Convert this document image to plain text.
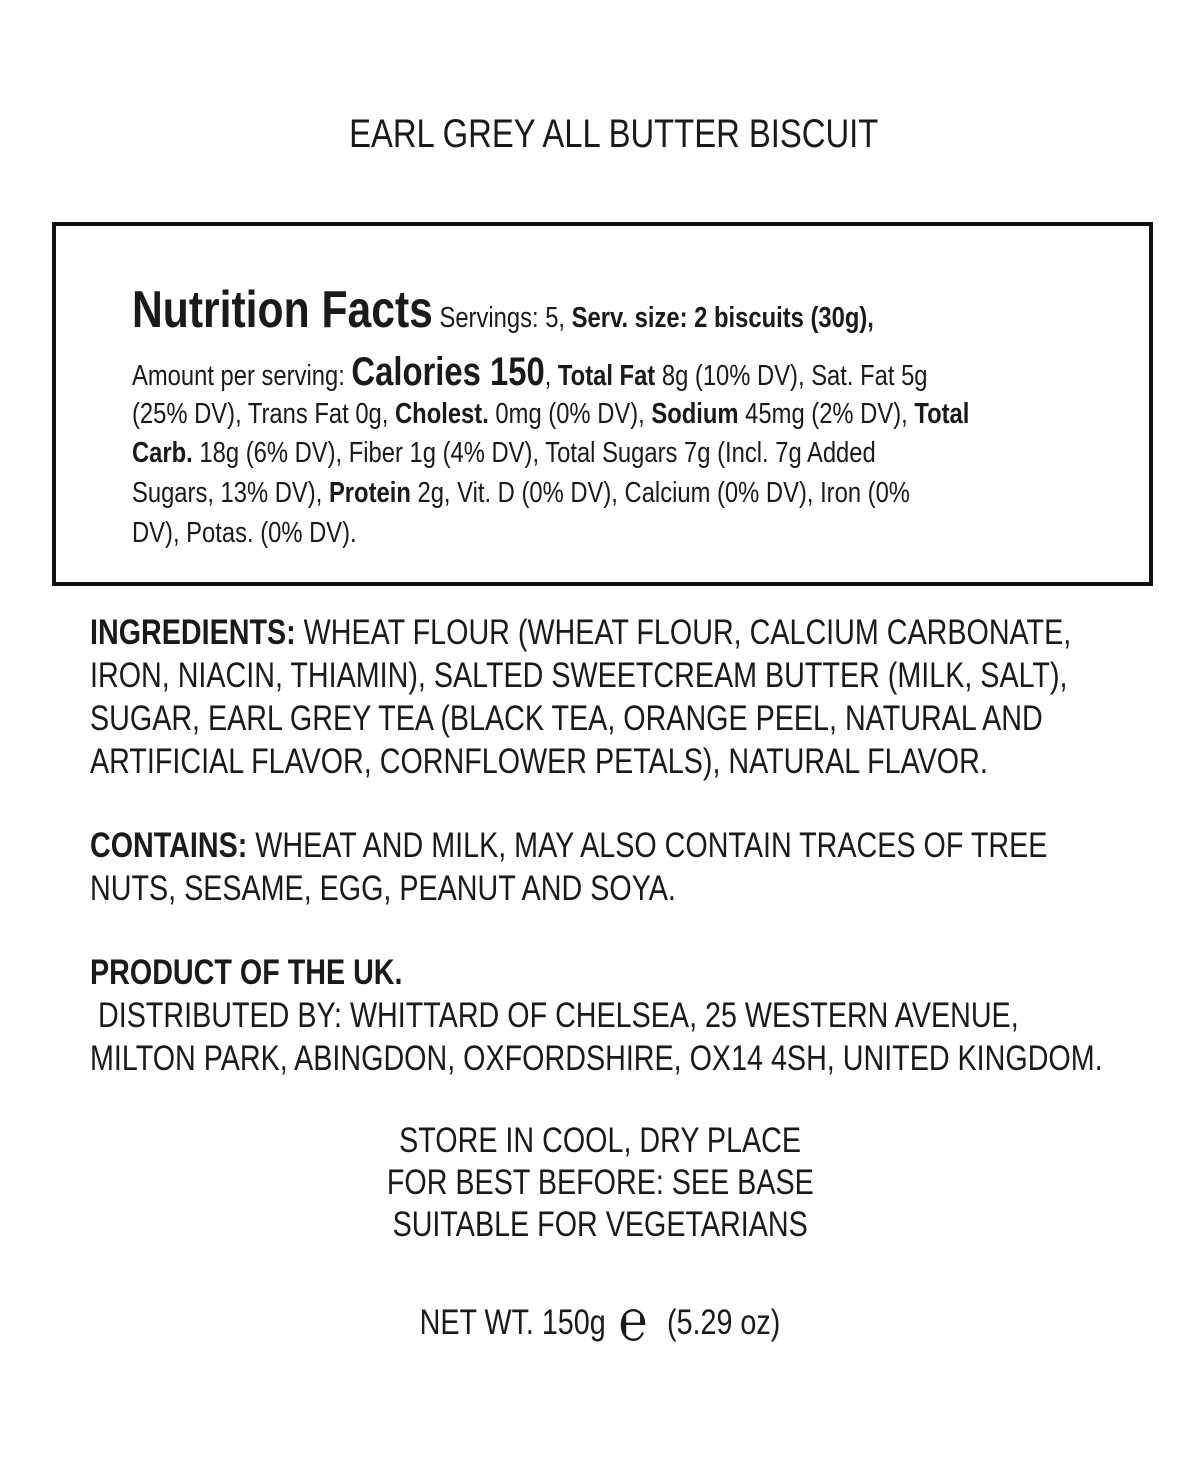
EARL GREY ALL BUTTER BISCUIT
Nutrition Facts Servings: 5, Serv. size: 2 biscuits (30g),
Amount per serving: Calories 150, Total Fat 8g (10% DV), Sat. Fat 5g
(25% DV), Trans Fat 0g, Cholest. 0mg (0% DV), Sodium 45mg (2% DV), Total
Carb. 18g (6% DV), Fiber 1g (4% DV), Total Sugars 7g (Incl. 7g Added
Sugars, 13% DV), Protein 2g, Vit. D (0% DV), Calcium (0% DV), Iron (0%
DV), Potas. (0% DV).
INGREDIENTS: WHEAT FLOUR (WHEAT FLOUR, CALCIUM CARBONATE,
IRON, NIACIN, THIAMIN), SALTED SWEETCREAM BUTTER (MILK, SALT),
SUGAR, EARL GREY TEA (BLACK TEA, ORANGE PEEL, NATURAL AND
ARTIFICIAL FLAVOR, CORNFLOWER PETALS), NATURAL FLAVOR.
CONTAINS: WHEAT AND MILK, MAY ALSO CONTAIN TRACES OF TREE
NUTS, SESAME, EGG, PEANUT AND SOYA.
PRODUCT OF THE UK.
DISTRIBUTED BY: WHITTARD OF CHELSEA, 25 WESTERN AVENUE,
MILTON PARK, ABINGDON, OXFORDSHIRE, OX14 4SH, UNITED KINGDOM.
STORE IN COOL, DRY PLACE
FOR BEST BEFORE: SEE BASE
SUITABLE FOR VEGETARIANS
NET WT. 150g ℮ (5.29 oz)
